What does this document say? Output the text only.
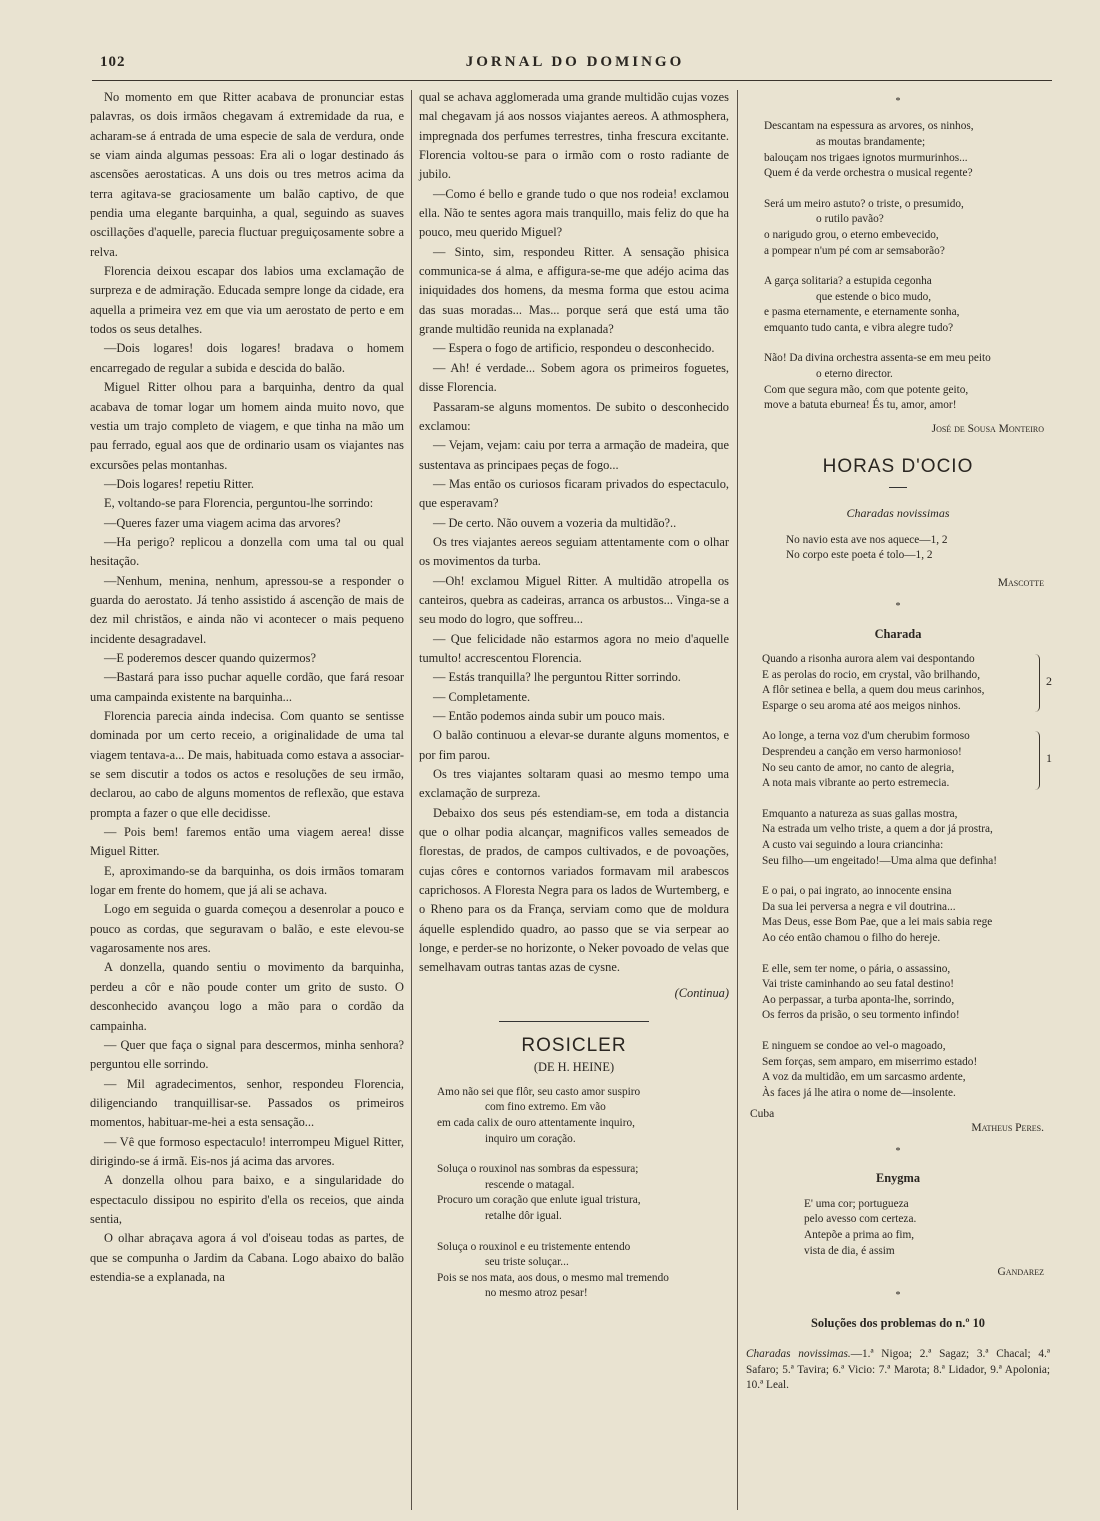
102	JORNAL DO DOMINGO

No momento em que Ritter acabava de pronunciar estas palavras, os dois irmãos chegavam á extremidade da rua, e acharam-se á entrada de uma especie de sala de verdura, onde se viam ainda algumas pessoas: Era ali o logar destinado ás ascensões aerostaticas. A uns dois ou tres metros acima da terra agitava-se graciosamente um balão captivo, de que pendia uma elegante barquinha, a qual, seguindo as suaves oscillações d'aquelle, parecia fluctuar preguiçosamente sobre a relva.

Florencia deixou escapar dos labios uma exclamação de surpreza e de admiração. Educada sempre longe da cidade, era aquella a primeira vez em que via um aerostato de perto e em todos os seus detalhes.

—Dois logares! dois logares! bradava o homem encarregado de regular a subida e descida do balão.

Miguel Ritter olhou para a barquinha, dentro da qual acabava de tomar logar um homem ainda muito novo, que vestia um trajo completo de viagem, e que tinha na mão um pau ferrado, egual aos que de ordinario usam os viajantes nas excursões pelas montanhas.

—Dois logares! repetiu Ritter.

E, voltando-se para Florencia, perguntou-lhe sorrindo:

—Queres fazer uma viagem acima das arvores?

—Ha perigo? replicou a donzella com uma tal ou qual hesitação.

—Nenhum, menina, nenhum, apressou-se a responder o guarda do aerostato. Já tenho assistido á ascenção de mais de dez mil christãos, e ainda não vi acontecer o mais pequeno incidente desagradavel.

—E poderemos descer quando quizermos?

—Bastará para isso puchar aquelle cordão, que fará resoar uma campainda existente na barquinha...

Florencia parecia ainda indecisa. Com quanto se sentisse dominada por um certo receio, a originalidade de uma tal viagem tentava-a... De mais, habituada como estava a associar-se sem discutir a todos os actos e resoluções de seu irmão, declarou, ao cabo de alguns momentos de reflexão, que estava prompta a fazer o que elle decidisse.

— Pois bem! faremos então uma viagem aerea! disse Miguel Ritter.

E, aproximando-se da barquinha, os dois irmãos tomaram logar em frente do homem, que já ali se achava.

Logo em seguida o guarda começou a desenrolar a pouco e pouco as cordas, que seguravam o balão, e este elevou-se vagarosamente nos ares.

A donzella, quando sentiu o movimento da barquinha, perdeu a côr e não poude conter um grito de susto. O desconhecido avançou logo a mão para o cordão da campainha.

— Quer que faça o signal para descermos, minha senhora? perguntou elle sorrindo.

— Mil agradecimentos, senhor, respondeu Florencia, diligenciando tranquillisar-se. Passados os primeiros momentos, habituar-me-hei a esta sensação...

— Vê que formoso espectaculo! interrompeu Miguel Ritter, dirigindo-se á irmã. Eis-nos já acima das arvores.

A donzella olhou para baixo, e a singularidade do espectaculo dissipou no espirito d'ella os receios, que ainda sentia,

O olhar abraçava agora á vol d'oiseau todas as partes, de que se compunha o Jardim da Cabana. Logo abaixo do balão estendia-se a explanada, na

qual se achava agglomerada uma grande multidão cujas vozes mal chegavam já aos nossos viajantes aereos. A athmosphera, impregnada dos perfumes terrestres, tinha frescura excitante. Florencia voltou-se para o irmão com o rosto radiante de jubilo.

—Como é bello e grande tudo o que nos rodeia! exclamou ella. Não te sentes agora mais tranquillo, mais feliz do que ha pouco, meu querido Miguel?

— Sinto, sim, respondeu Ritter. A sensação phisica communica-se á alma, e affigura-se-me que adéjo acima das iniquidades dos homens, da mesma forma que estou acima das suas moradas... Mas... porque será que está uma tão grande multidão reunida na explanada?

— Espera o fogo de artificio, respondeu o desconhecido.

— Ah! é verdade... Sobem agora os primeiros foguetes, disse Florencia.

Passaram-se alguns momentos. De subito o desconhecido exclamou:

— Vejam, vejam: caiu por terra a armação de madeira, que sustentava as principaes peças de fogo...

— Mas então os curiosos ficaram privados do espectaculo, que esperavam?

— De certo. Não ouvem a vozeria da multidão?..

Os tres viajantes aereos seguiam attentamente com o olhar os movimentos da turba.

—Oh! exclamou Miguel Ritter. A multidão atropella os canteiros, quebra as cadeiras, arranca os arbustos... Vinga-se a seu modo do logro, que soffreu...

— Que felicidade não estarmos agora no meio d'aquelle tumulto! accrescentou Florencia.

— Estás tranquilla? lhe perguntou Ritter sorrindo.

— Completamente.

— Então podemos ainda subir um pouco mais.

O balão continuou a elevar-se durante alguns momentos, e por fim parou.

Os tres viajantes soltaram quasi ao mesmo tempo uma exclamação de surpreza.

Debaixo dos seus pés estendiam-se, em toda a distancia que o olhar podia alcançar, magnificos valles semeados de florestas, de prados, de campos cultivados, e de povoações, cujas côres e contornos variados formavam mil arabescos caprichosos. A Floresta Negra para os lados de Wurtemberg, e o Rheno para os da França, serviam como que de moldura áquelle esplendido quadro, ao passo que se via serpear ao longe, e perder-se no horizonte, o Neker povoado de velas que semelhavam outras tantas azas de cysne.

(Continua)
ROSICLER
(DE H. HEINE)
Amo não sei que flôr, seu casto amor suspiro
com fino extremo. Em vão
em cada calix de ouro attentamente inquiro,
inquiro um coração.
Soluça o rouxinol nas sombras da espessura;
rescende o matagal.
Procuro um coração que enlute igual tristura,
retalhe dôr igual.
Soluça o rouxinol e eu tristemente entendo
seu triste soluçar...
Pois se nos mata, aos dous, o mesmo mal tremendo
no mesmo atroz pesar!
*
Descantam na espessura as arvores, os ninhos,
as moutas brandamente;
balouçam nos trigaes ignotos murmurinhos...
Quem é da verde orchestra o musical regente?
Será um meiro astuto? o triste, o presumido,
o rutilo pavão?
o narigudo grou, o eterno embevecido,
a pompear n'um pé com ar semsaborão?
A garça solitaria? a estupida cegonha
que estende o bico mudo,
e pasma eternamente, e eternamente sonha,
emquanto tudo canta, e vibra alegre tudo?
Não! Da divina orchestra assenta-se em meu peito
o eterno director.
Com que segura mão, com que potente geito,
move a batuta eburnea! És tu, amor, amor!
José de Sousa Monteiro
HORAS D'OCIO
Charadas novissimas
No navio esta ave nos aquece—1, 2
No corpo este poeta é tolo—1, 2
Mascotte
*
Charada
Quando a risonha aurora alem vai despontando
E as perolas do rocio, em crystal, vão brilhando,
A flôr setinea e bella, a quem dou meus carinhos,
Esparge o seu aroma até aos meigos ninhos.
2
Ao longe, a terna voz d'um cherubim formoso
Desprendeu a canção em verso harmonioso!
No seu canto de amor, no canto de alegria,
A nota mais vibrante ao perto estremecia.
1
Emquanto a natureza as suas gallas mostra,
Na estrada um velho triste, a quem a dor já prostra,
A custo vai seguindo a loura criancinha:
Seu filho—um engeitado!—Uma alma que definha!
E o pai, o pai ingrato, ao innocente ensina
Da sua lei perversa a negra e vil doutrina...
Mas Deus, esse Bom Pae, que a lei mais sabia rege
Ao céo então chamou o filho do hereje.
E elle, sem ter nome, o pária, o assassino,
Vai triste caminhando ao seu fatal destino!
Ao perpassar, a turba aponta-lhe, sorrindo,
Os ferros da prisão, o seu tormento infindo!
E ninguem se condoe ao vel-o magoado,
Sem forças, sem amparo, em miserrimo estado!
A voz da multidão, em um sarcasmo ardente,
Às faces já lhe atira o nome de—insolente.
Cuba
Matheus Peres.
*
Enygma
E' uma cor; portugueza
pelo avesso com certeza.
Antepõe a prima ao fim,
vista de dia, é assim
Gandarez
*
Soluções dos problemas do n.º 10
Charadas novissimas.—1.ª Nigoa; 2.ª Sagaz; 3.ª Chacal; 4.ª Safaro; 5.ª Tavira; 6.ª Vicio: 7.ª Marota; 8.ª Lidador, 9.ª Apolonia; 10.ª Leal.
